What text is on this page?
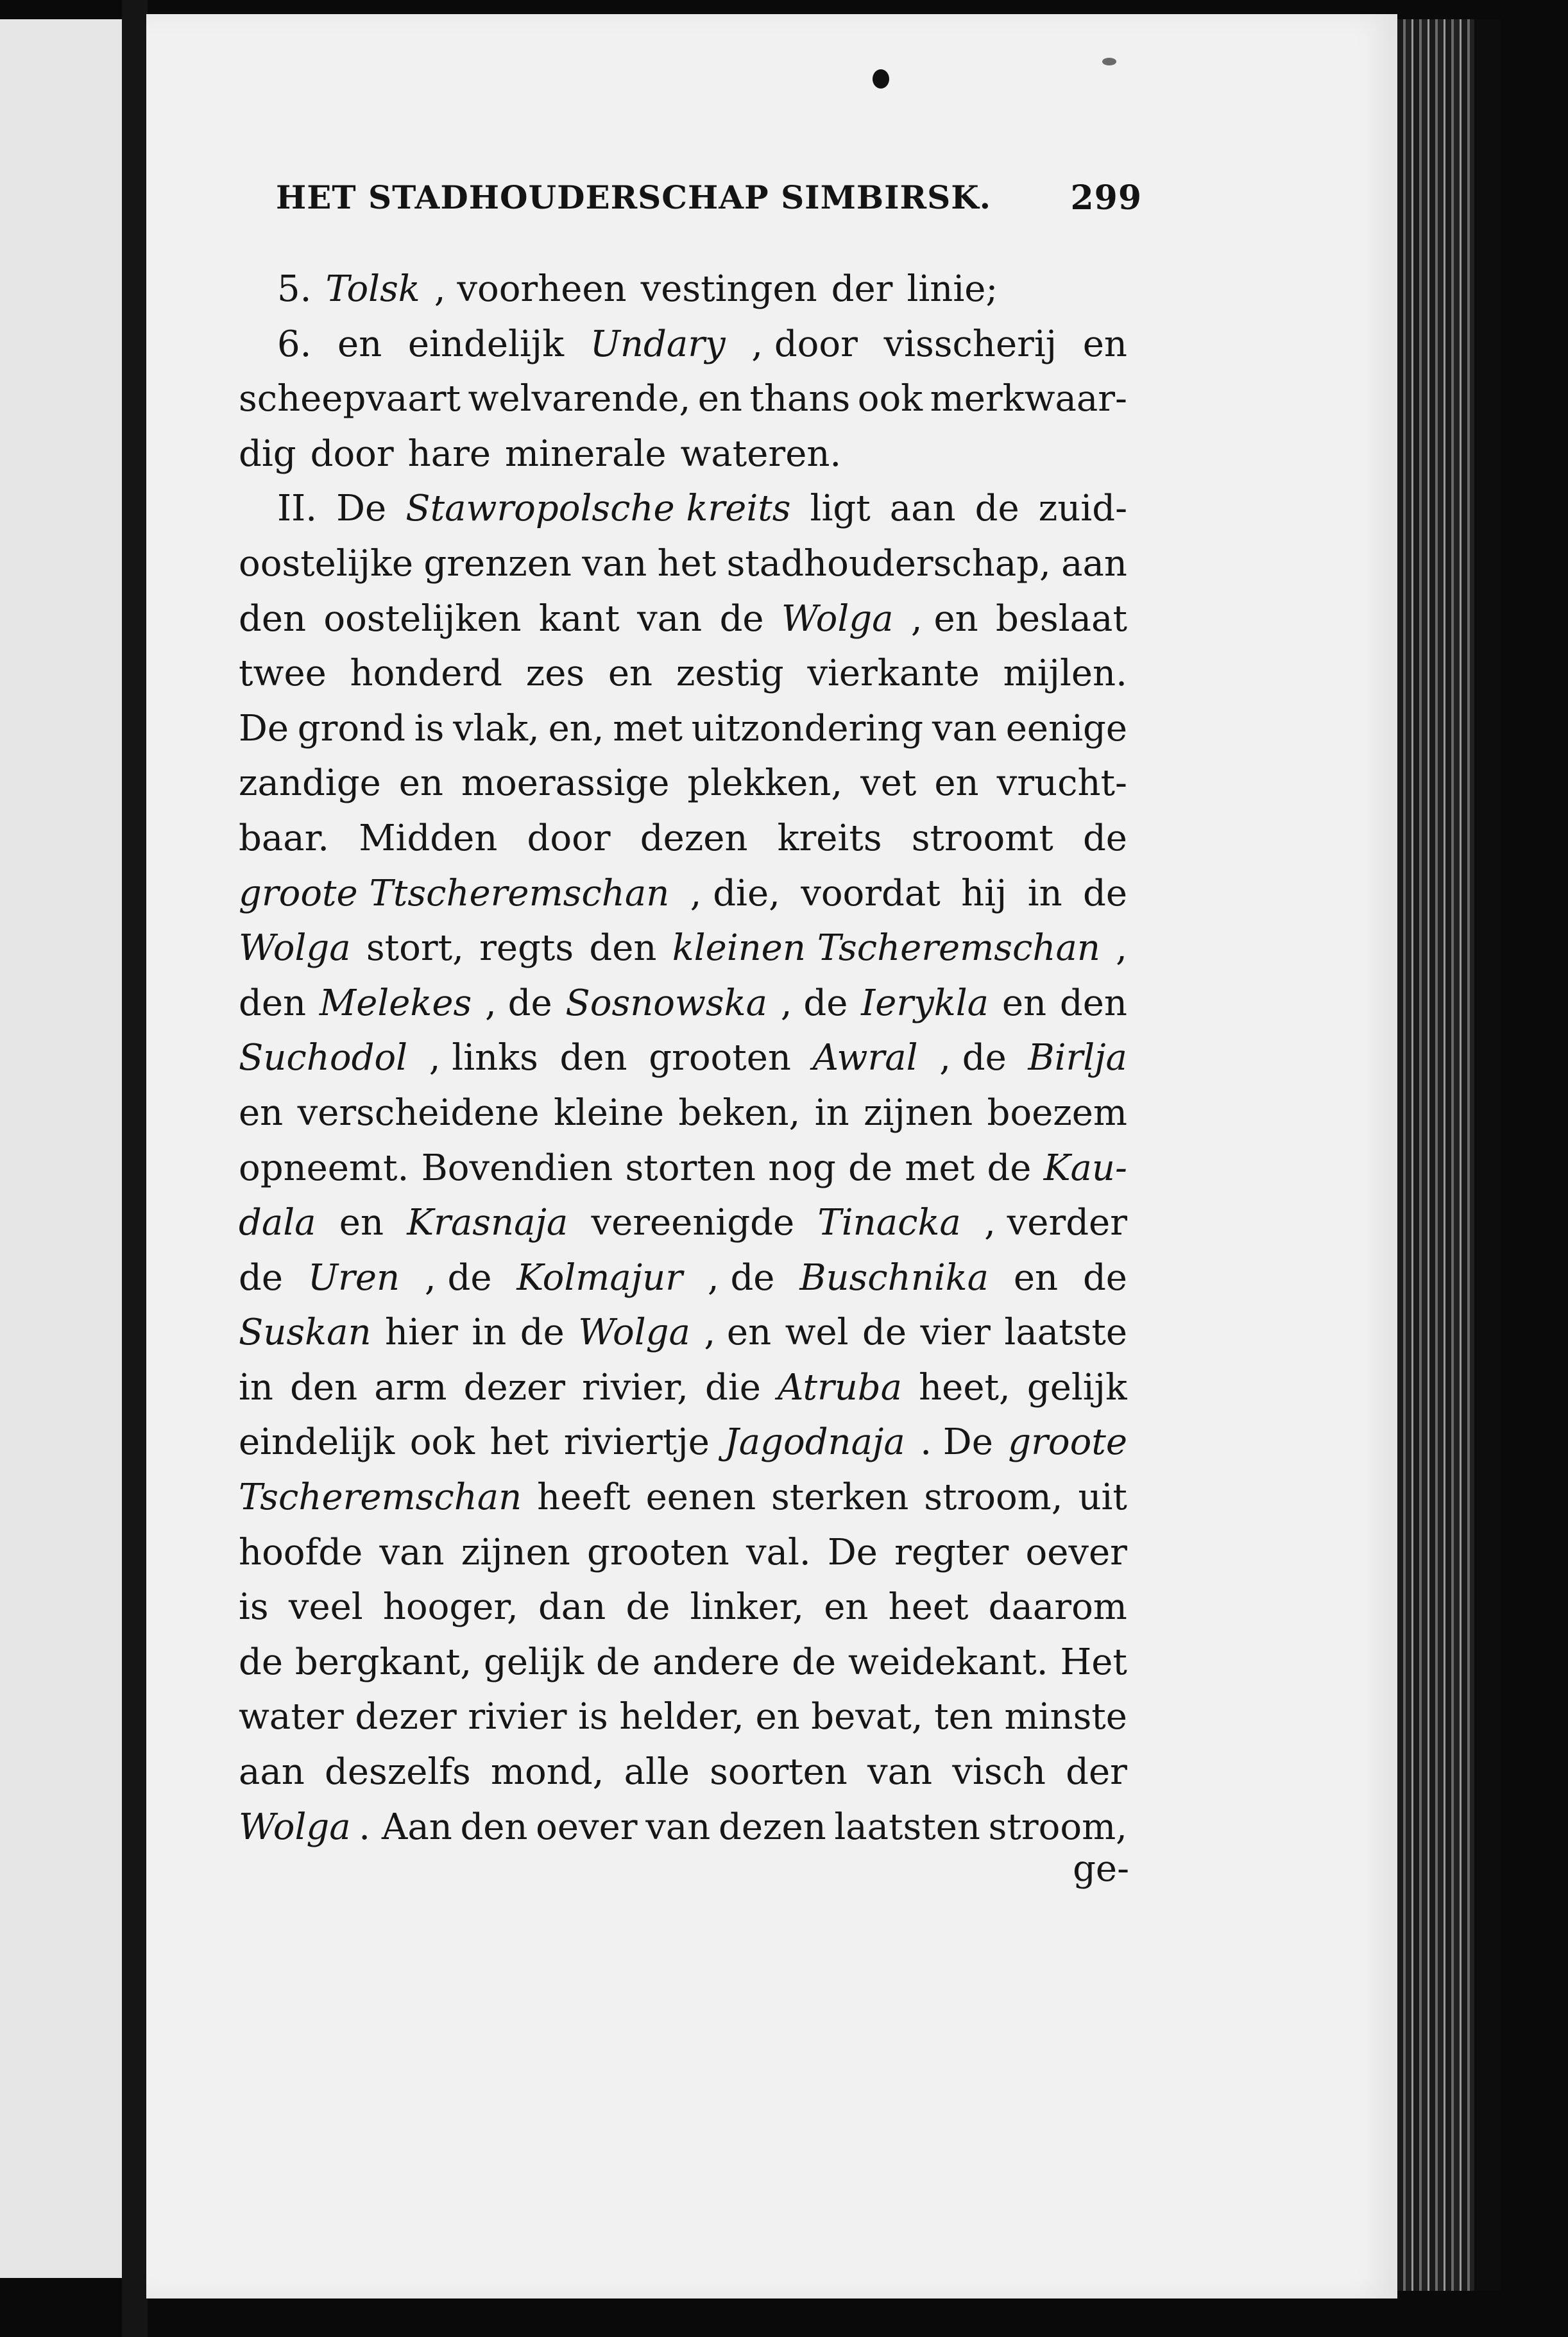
HET STADHOUDERSCHAP SIMBIRSK. 299
5. Tolsk , voorheen vestingen der linie;
6. en eindelijk Undary , door visscherij en
scheepvaart welvarende, en thans ook merkwaar-
dig door hare minerale wateren.
II. De Stawropolsche kreits ligt aan de zuid-
oostelijke grenzen van het stadhouderschap, aan
den oostelijken kant van de Wolga , en beslaat
twee honderd zes en zestig vierkante mijlen.
De grond is vlak, en, met uitzondering van eenige
zandige en moerassige plekken, vet en vrucht-
baar. Midden door dezen kreits stroomt de
groote Ttscheremschan , die, voordat hij in de
Wolga stort, regts den kleinen Tscheremschan ,
den Melekes , de Sosnowska , de Ierykla en den
Suchodol , links den grooten Awral , de Birlja
en verscheidene kleine beken, in zijnen boezem
opneemt. Bovendien storten nog de met de Kau-
dala en Krasnaja vereenigde Tinacka , verder
de Uren , de Kolmajur , de Buschnika en de
Suskan hier in de Wolga , en wel de vier laatste
in den arm dezer rivier, die Atruba heet, gelijk
eindelijk ook het riviertje Jagodnaja . De groote
Tscheremschan heeft eenen sterken stroom, uit
hoofde van zijnen grooten val. De regter oever
is veel hooger, dan de linker, en heet daarom
de bergkant, gelijk de andere de weidekant. Het
water dezer rivier is helder, en bevat, ten minste
aan deszelfs mond, alle soorten van visch der
Wolga . Aan den oever van dezen laatsten stroom,
ge-
